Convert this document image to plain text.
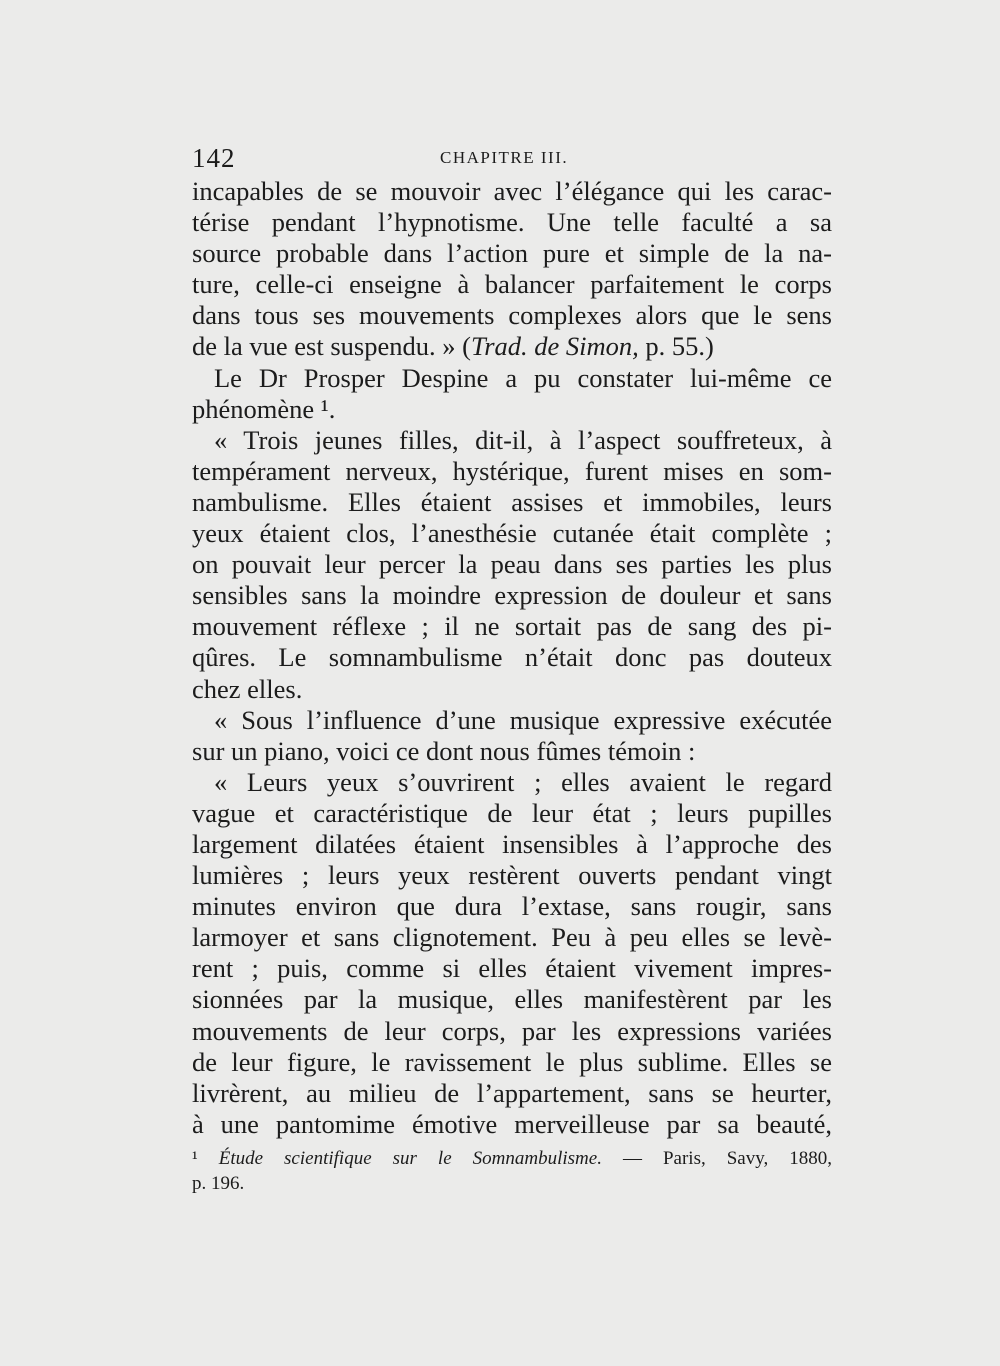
142	CHAPITRE III.
incapables de se mouvoir avec l’élégance qui les carac-
térise pendant l’hypnotisme. Une telle faculté a sa
source probable dans l’action pure et simple de la na-
ture, celle-ci enseigne à balancer parfaitement le corps
dans tous ses mouvements complexes alors que le sens
de la vue est suspendu. » (Trad. de Simon, p. 55.)
Le Dr Prosper Despine a pu constater lui-même ce
phénomène ¹.
« Trois jeunes filles, dit-il, à l’aspect souffreteux, à
tempérament nerveux, hystérique, furent mises en som-
nambulisme. Elles étaient assises et immobiles, leurs
yeux étaient clos, l’anesthésie cutanée était complète ;
on pouvait leur percer la peau dans ses parties les plus
sensibles sans la moindre expression de douleur et sans
mouvement réflexe ; il ne sortait pas de sang des pi-
qûres. Le somnambulisme n’était donc pas douteux
chez elles.
« Sous l’influence d’une musique expressive exécutée
sur un piano, voici ce dont nous fûmes témoin :
« Leurs yeux s’ouvrirent ; elles avaient le regard
vague et caractéristique de leur état ; leurs pupilles
largement dilatées étaient insensibles à l’approche des
lumières ; leurs yeux restèrent ouverts pendant vingt
minutes environ que dura l’extase, sans rougir, sans
larmoyer et sans clignotement. Peu à peu elles se levè-
rent ; puis, comme si elles étaient vivement impres-
sionnées par la musique, elles manifestèrent par les
mouvements de leur corps, par les expressions variées
de leur figure, le ravissement le plus sublime. Elles se
livrèrent, au milieu de l’appartement, sans se heurter,
à une pantomime émotive merveilleuse par sa beauté,
¹ Étude scientifique sur le Somnambulisme. — Paris, Savy, 1880,
p. 196.
